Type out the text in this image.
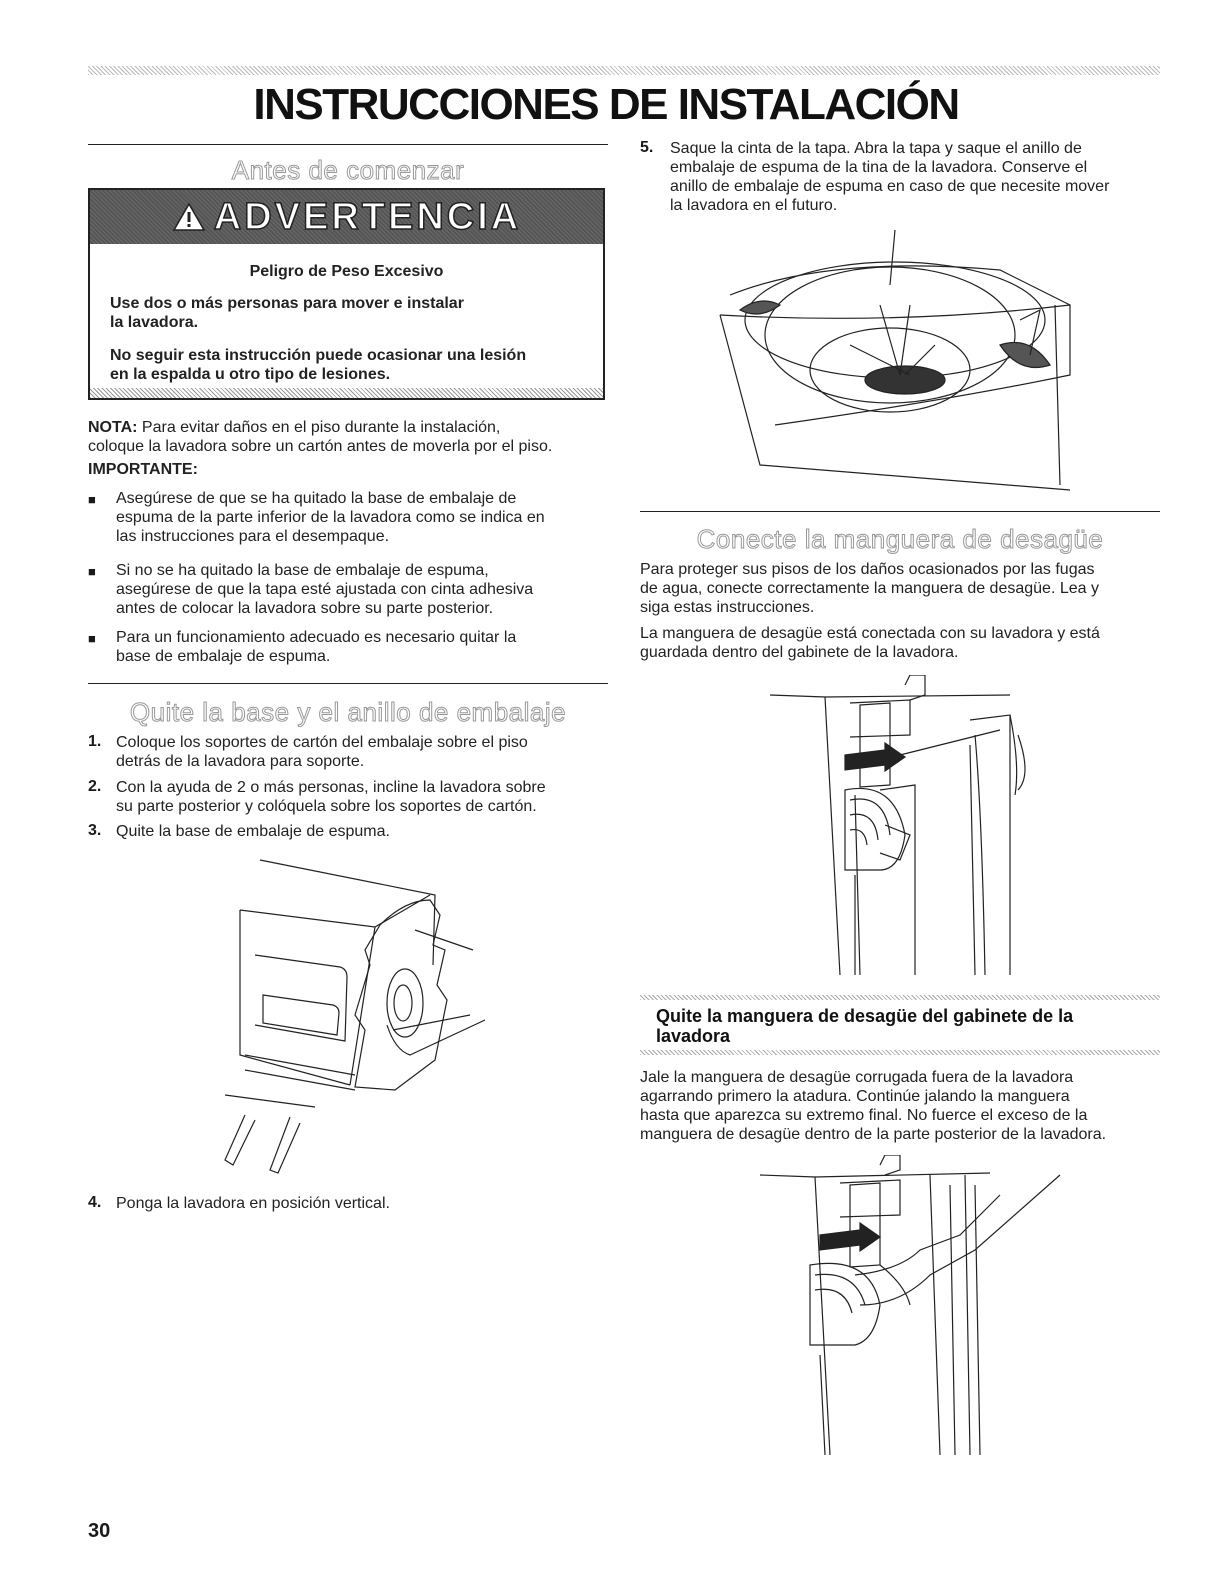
INSTRUCCIONES DE INSTALACIÓN
Antes de comenzar
ADVERTENCIA
Peligro de Peso Excesivo
Use dos o más personas para mover e instalar
la lavadora.
No seguir esta instrucción puede ocasionar una lesión
en la espalda u otro tipo de lesiones.

NOTA: Para evitar daños en el piso durante la instalación,
coloque la lavadora sobre un cartón antes de moverla por el piso.

IMPORTANTE:
■ Asegúrese de que se ha quitado la base de embalaje de
espuma de la parte inferior de la lavadora como se indica en
las instrucciones para el desempaque.

■ Si no se ha quitado la base de embalaje de espuma,
asegúrese de que la tapa esté ajustada con cinta adhesiva
antes de colocar la lavadora sobre su parte posterior.

■ Para un funcionamiento adecuado es necesario quitar la
base de embalaje de espuma.

Quite la base y el anillo de embalaje
1. Coloque los soportes de cartón del embalaje sobre el piso
detrás de la lavadora para soporte.

2. Con la ayuda de 2 o más personas, incline la lavadora sobre
su parte posterior y colóquela sobre los soportes de cartón.

3. Quite la base de embalaje de espuma.

4. Ponga la lavadora en posición vertical.

30
5. Saque la cinta de la tapa. Abra la tapa y saque el anillo de
embalaje de espuma de la tina de la lavadora. Conserve el
anillo de embalaje de espuma en caso de que necesite mover
la lavadora en el futuro.

Conecte la manguera de desagüe

Para proteger sus pisos de los daños ocasionados por las fugas
de agua, conecte correctamente la manguera de desagüe. Lea y
siga estas instrucciones.

La manguera de desagüe está conectada con su lavadora y está
guardada dentro del gabinete de la lavadora.

Quite la manguera de desagüe del gabinete de la
lavadora

Jale la manguera de desagüe corrugada fuera de la lavadora
agarrando primero la atadura. Continúe jalando la manguera
hasta que aparezca su extremo final. No fuerce el exceso de la
manguera de desagüe dentro de la parte posterior de la lavadora.
